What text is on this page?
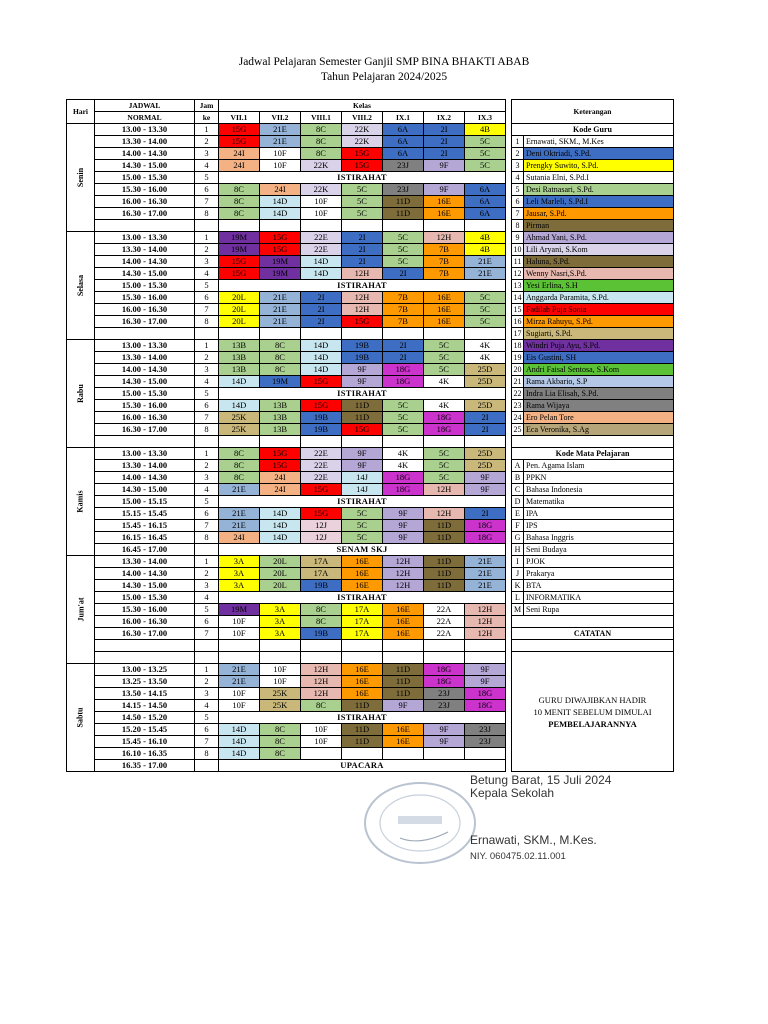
Jadwal Pelajaran Semester Ganjil SMP BINA BHAKTI ABAB
Tahun Pelajaran 2024/2025
Hari	JADWAL	Jam	Kelas								Keterangan	
	NORMAL	ke	VII.1	VII.2	VIII.1	VIII.2	IX.1	IX.2	IX.3			
Senin	13.00 - 13.30	1	15G	21E	8C	22K	6A	2I	4B		Kode Guru	
	13.30 - 14.00	2	15G	21E	8C	22K	6A	2I	5C		1	Ernawati, SKM., M.Kes
	14.00 - 14.30	3	24I	10F	8C	15G	6A	2I	5C		2	Deni Oktriadi, S.Pd.
	14.30 - 15.00	4	24I	10F	22K	15G	23J	9F	5C		3	Prengky Suwito, S.Pd.
	15.00 - 15.30	5	ISTIRAHAT								4	Sutania Elni, S.Pd.I
	15.30 - 16.00	6	8C	24I	22K	5C	23J	9F	6A		5	Desi Ratnasari, S.Pd.
	16.00 - 16.30	7	8C	14D	10F	5C	11D	16E	6A		6	Leli Marleli, S.Pd.I
	16.30 - 17.00	8	8C	14D	10F	5C	11D	16E	6A		7	Jausar, S.Pd.
											8	Pirman
Selasa	13.00 - 13.30	1	19M	15G	22E	2I	5C	12H	4B		9	Ahmad Yani, S.Pd.
	13.30 - 14.00	2	19M	15G	22E	2I	5C	7B	4B		10	Lili Aryani, S.Kom
	14.00 - 14.30	3	15G	19M	14D	2I	5C	7B	21E		11	Haluna, S.Pd.
	14.30 - 15.00	4	15G	19M	14D	12H	2I	7B	21E		12	Wenny Nasri,S.Pd.
	15.00 - 15.30	5	ISTIRAHAT								13	Yesi Erlina, S.H
	15.30 - 16.00	6	20L	21E	2I	12H	7B	16E	5C		14	Anggarda Paramita, S.Pd.
	16.00 - 16.30	7	20L	21E	2I	12H	7B	16E	5C		15	Fadilah Puja Sonia
	16.30 - 17.00	8	20L	21E	2I	15G	7B	16E	5C		16	Mirza Rahuyu, S.Pd.
											17	Sugiarti, S.Pd.
Rabu	13.00 - 13.30	1	13B	8C	14D	19B	2I	5C	4K		18	Windri Puja Ayu, S.Pd.
	13.30 - 14.00	2	13B	8C	14D	19B	2I	5C	4K		19	Eis Gustini, SH
	14.00 - 14.30	3	13B	8C	14D	9F	18G	5C	25D		20	Andri Faisal Sentosa, S.Kom
	14.30 - 15.00	4	14D	19M	15G	9F	18G	4K	25D		21	Rama Akbario, S.P
	15.00 - 15.30	5	ISTIRAHAT								22	Indra Lia Elisah, S.Pd.
	15.30 - 16.00	6	14D	13B	15G	11D	5C	4K	25D		23	Rama Wijaya
	16.00 - 16.30	7	25K	13B	19B	11D	5C	18G	2I		24	Ero Pelan Tore
	16.30 - 17.00	8	25K	13B	19B	15G	5C	18G	2I		25	Eca Veronika, S.Ag

Kamis	13.00 - 13.30	1	8C	15G	22E	9F	4K	5C	25D		Kode Mata Pelajaran	
	13.30 - 14.00	2	8C	15G	22E	9F	4K	5C	25D		A	Pen. Agama Islam
	14.00 - 14.30	3	8C	24I	22E	14J	18G	5C	9F		B	PPKN
	14.30 - 15.00	4	21E	24I	15G	14J	18G	12H	9F		C	Bahasa Indonesia
	15.00 - 15.15	5	ISTIRAHAT								D	Matematika
	15.15 - 15.45	6	21E	14D	15G	5C	9F	12H	2I		E	IPA
	15.45 - 16.15	7	21E	14D	12J	5C	9F	11D	18G		F	IPS
	16.15 - 16.45	8	24I	14D	12J	5C	9F	11D	18G		G	Bahasa Inggris
	16.45 - 17.00		SENAM SKJ								H	Seni Budaya
Jum'at	13.30 - 14.00	1	3A	20L	17A	16E	12H	11D	21E		I	PJOK
	14.00 - 14.30	2	3A	20L	17A	16E	12H	11D	21E		J	Prakarya
	14.30 - 15.00	3	3A	20L	19B	16E	12H	11D	21E		K	BTA
	15.00 - 15.30	4	ISTIRAHAT								L	INFORMATIKA
	15.30 - 16.00	5	19M	3A	8C	17A	16E	22A	12H		M	Seni Rupa
	16.00 - 16.30	6	10F	3A	8C	17A	16E	22A	12H			
	16.30 - 17.00	7	10F	3A	19B	17A	16E	22A	12H		CATATAN	

											GURU DIWAJIBKAN HADIR
10 MENIT SEBELUM DIMULAI
PEMBELAJARANNYA	

Sabtu	13.00 - 13.25	1	21E	10F	12H	16E	11D	18G	9F			
	13.25 - 13.50	2	21E	10F	12H	16E	11D	18G	9F			
	13.50 - 14.15	3	10F	25K	12H	16E	11D	23J	18G			
	14.15 - 14.50	4	10F	25K	8C	11D	9F	23J	18G			
	14.50 - 15.20	5	ISTIRAHAT									
	15.20 - 15.45	6	14D	8C	10F	11D	16E	9F	23J			
	15.45 - 16.10	7	14D	8C	10F	11D	16E	9F	23J			
	16.10 - 16.35	8	14D	8C								
	16.35 - 17.00		UPACARA									
Betung Barat, 15 Juli 2024
Kepala Sekolah
Ernawati, SKM., M.Kes.
NIY. 060475.02.11.001
